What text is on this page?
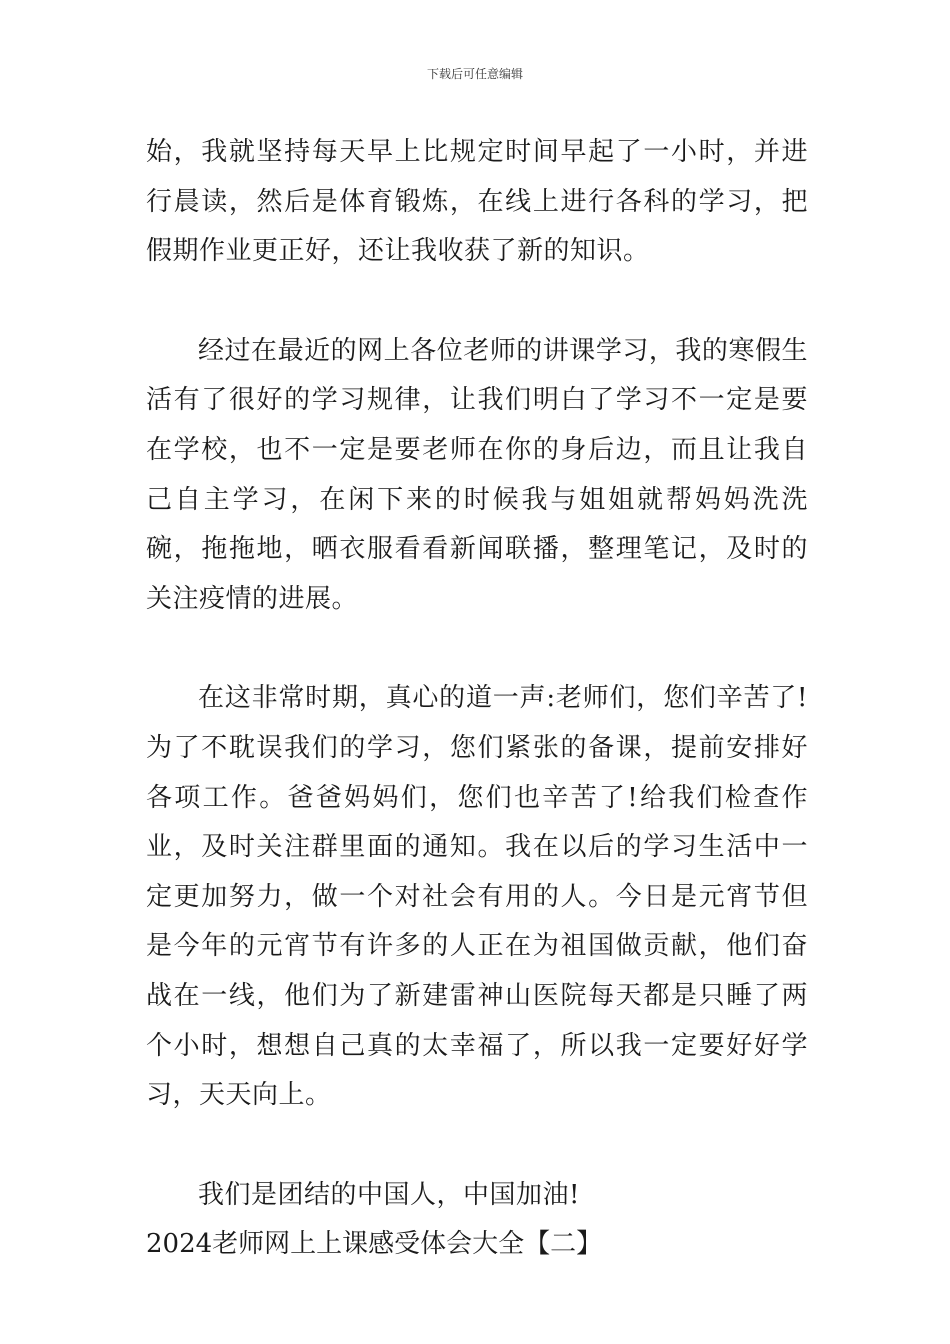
下载后可任意编辑

始，我就坚持每天早上比规定时间早起了一小时，并进行晨读，然后是体育锻炼，在线上进行各科的学习，把假期作业更正好，还让我收获了新的知识。

经过在最近的网上各位老师的讲课学习，我的寒假生活有了很好的学习规律，让我们明白了学习不一定是要在学校，也不一定是要老师在你的身后边，而且让我自己自主学习，在闲下来的时候我与姐姐就帮妈妈洗洗碗，拖拖地，晒衣服看看新闻联播，整理笔记，及时的关注疫情的进展。

在这非常时期，真心的道一声:老师们，您们辛苦了!为了不耽误我们的学习，您们紧张的备课，提前安排好各项工作。爸爸妈妈们，您们也辛苦了!给我们检查作业，及时关注群里面的通知。我在以后的学习生活中一定更加努力，做一个对社会有用的人。今日是元宵节但是今年的元宵节有许多的人正在为祖国做贡献，他们奋战在一线，他们为了新建雷神山医院每天都是只睡了两个小时，想想自己真的太幸福了，所以我一定要好好学习，天天向上。

我们是团结的中国人，中国加油!

2024老师网上上课感受体会大全【二】
